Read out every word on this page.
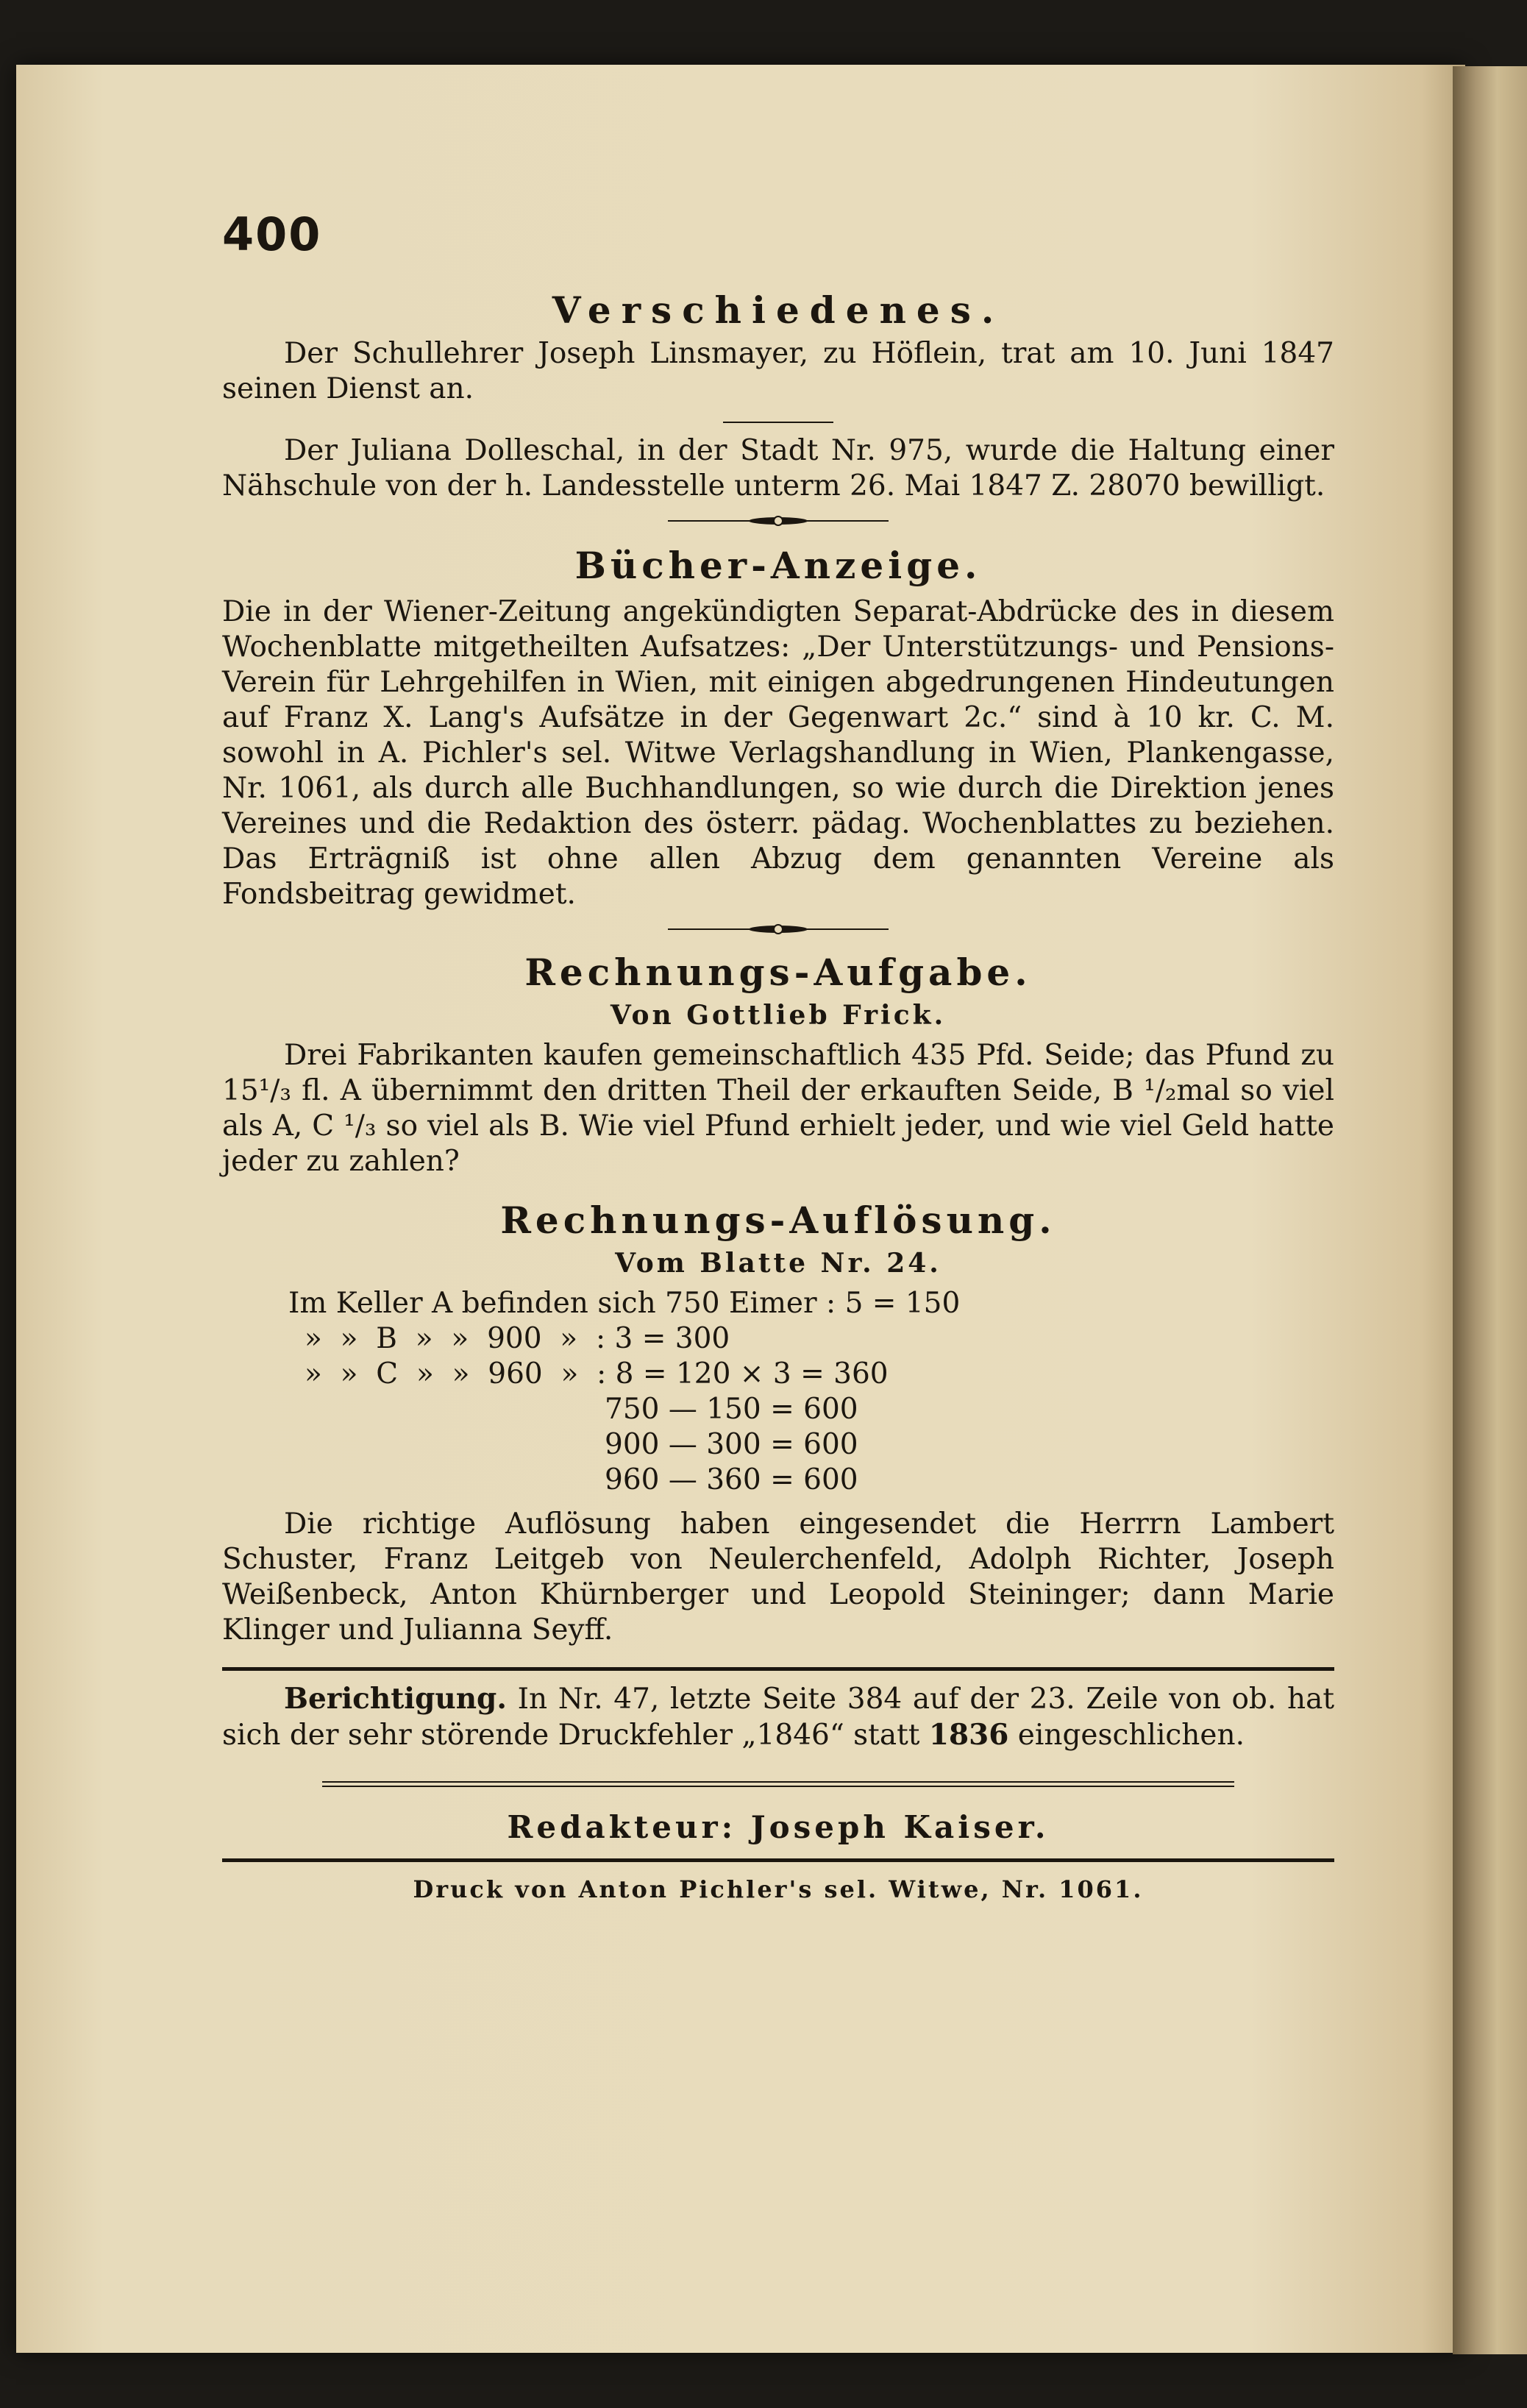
400
Verschiedenes.

Der Schullehrer Joseph Linsmayer, zu Höflein, trat am 10. Juni 1847 seinen Dienst an.

Der Juliana Dolleschal, in der Stadt Nr. 975, wurde die Haltung einer Nähschule von der h. Landesstelle unterm 26. Mai 1847 Z. 28070 bewilligt.

Bücher-Anzeige.

Die in der Wiener-Zeitung angekündigten Separat-Abdrücke des in diesem Wochenblatte mitgetheilten Aufsatzes: „Der Unterstützungs- und Pensions-Verein für Lehrgehilfen in Wien, mit einigen abgedrungenen Hindeutungen auf Franz X. Lang's Aufsätze in der Gegenwart 2c.“ sind à 10 kr. C. M. sowohl in A. Pichler's sel. Witwe Verlagshandlung in Wien, Plankengasse, Nr. 1061, als durch alle Buchhandlungen, so wie durch die Direktion jenes Vereines und die Redaktion des österr. pädag. Wochenblattes zu beziehen. Das Erträgniß ist ohne allen Abzug dem genannten Vereine als Fondsbeitrag gewidmet.

Rechnungs-Aufgabe.
Von Gottlieb Frick.

Drei Fabrikanten kaufen gemeinschaftlich 435 Pfd. Seide; das Pfund zu 15¹/₃ fl. A übernimmt den dritten Theil der erkauften Seide, B ¹/₂mal so viel als A, C ¹/₃ so viel als B. Wie viel Pfund erhielt jeder, und wie viel Geld hatte jeder zu zahlen?

Rechnungs-Auflösung.
Vom Blatte Nr. 24.
Im Keller A befinden sich 750 Eimer : 5 = 150
»  »  B  »  »  900  »  : 3 = 300
»  »  C  »  »  960  »  : 8 = 120 × 3 = 360
750 — 150 = 600
900 — 300 = 600
960 — 360 = 600

Die richtige Auflösung haben eingesendet die Herrrn Lambert Schuster, Franz Leitgeb von Neulerchenfeld, Adolph Richter, Joseph Weißenbeck, Anton Khürnberger und Leopold Steininger; dann Marie Klinger und Julianna Seyff.

Berichtigung. In Nr. 47, letzte Seite 384 auf der 23. Zeile von ob. hat sich der sehr störende Druckfehler „1846“ statt 1836 eingeschlichen.

Redakteur: Joseph Kaiser.
Druck von Anton Pichler's sel. Witwe, Nr. 1061.
